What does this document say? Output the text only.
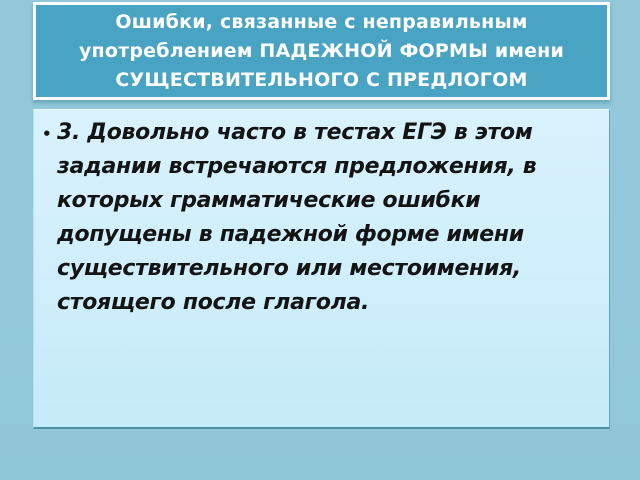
Ошибки, связанные с неправильным
употреблением ПАДЕЖНОЙ ФОРМЫ имени
СУЩЕСТВИТЕЛЬНОГО С ПРЕДЛОГОМ
• 3. Довольно часто в тестах ЕГЭ в этом
задании встречаются предложения, в
которых грамматические ошибки
допущены в падежной форме имени
существительного или местоимения,
стоящего после глагола.
